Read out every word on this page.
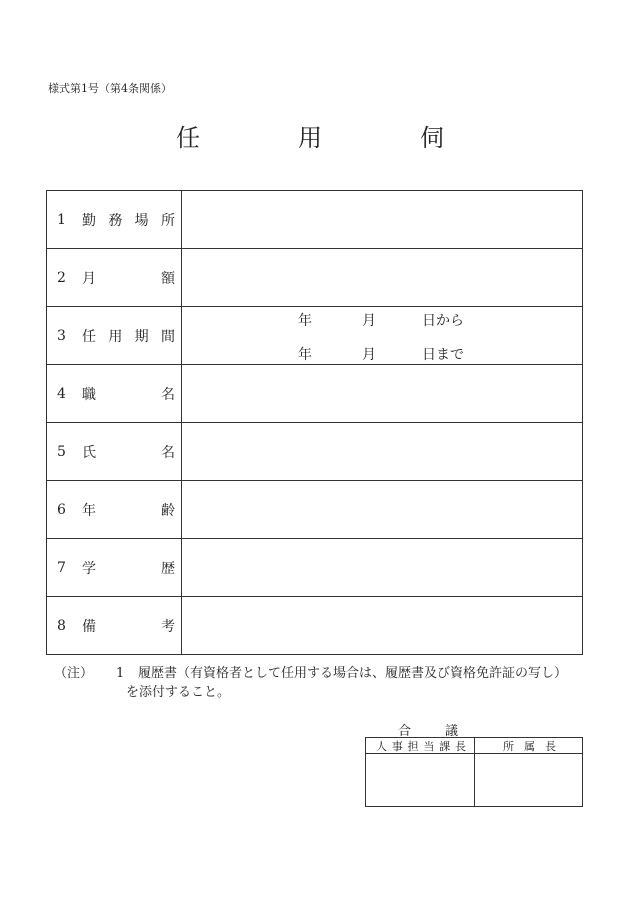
様式第1号（第4条関係）
任	用	伺
1 勤 務 場 所
2 月	額
3 任 用 期 間
年	月	日から
年	月	日まで
4 職	名
5 氏	名
6 年	齢
7 学	歴
8 備	考
（注） 1 履歴書（有資格者として任用する場合は、履歴書及び資格免許証の写し）
を添付すること。
合	議
人 事 担 当 課 長	所 属 長
